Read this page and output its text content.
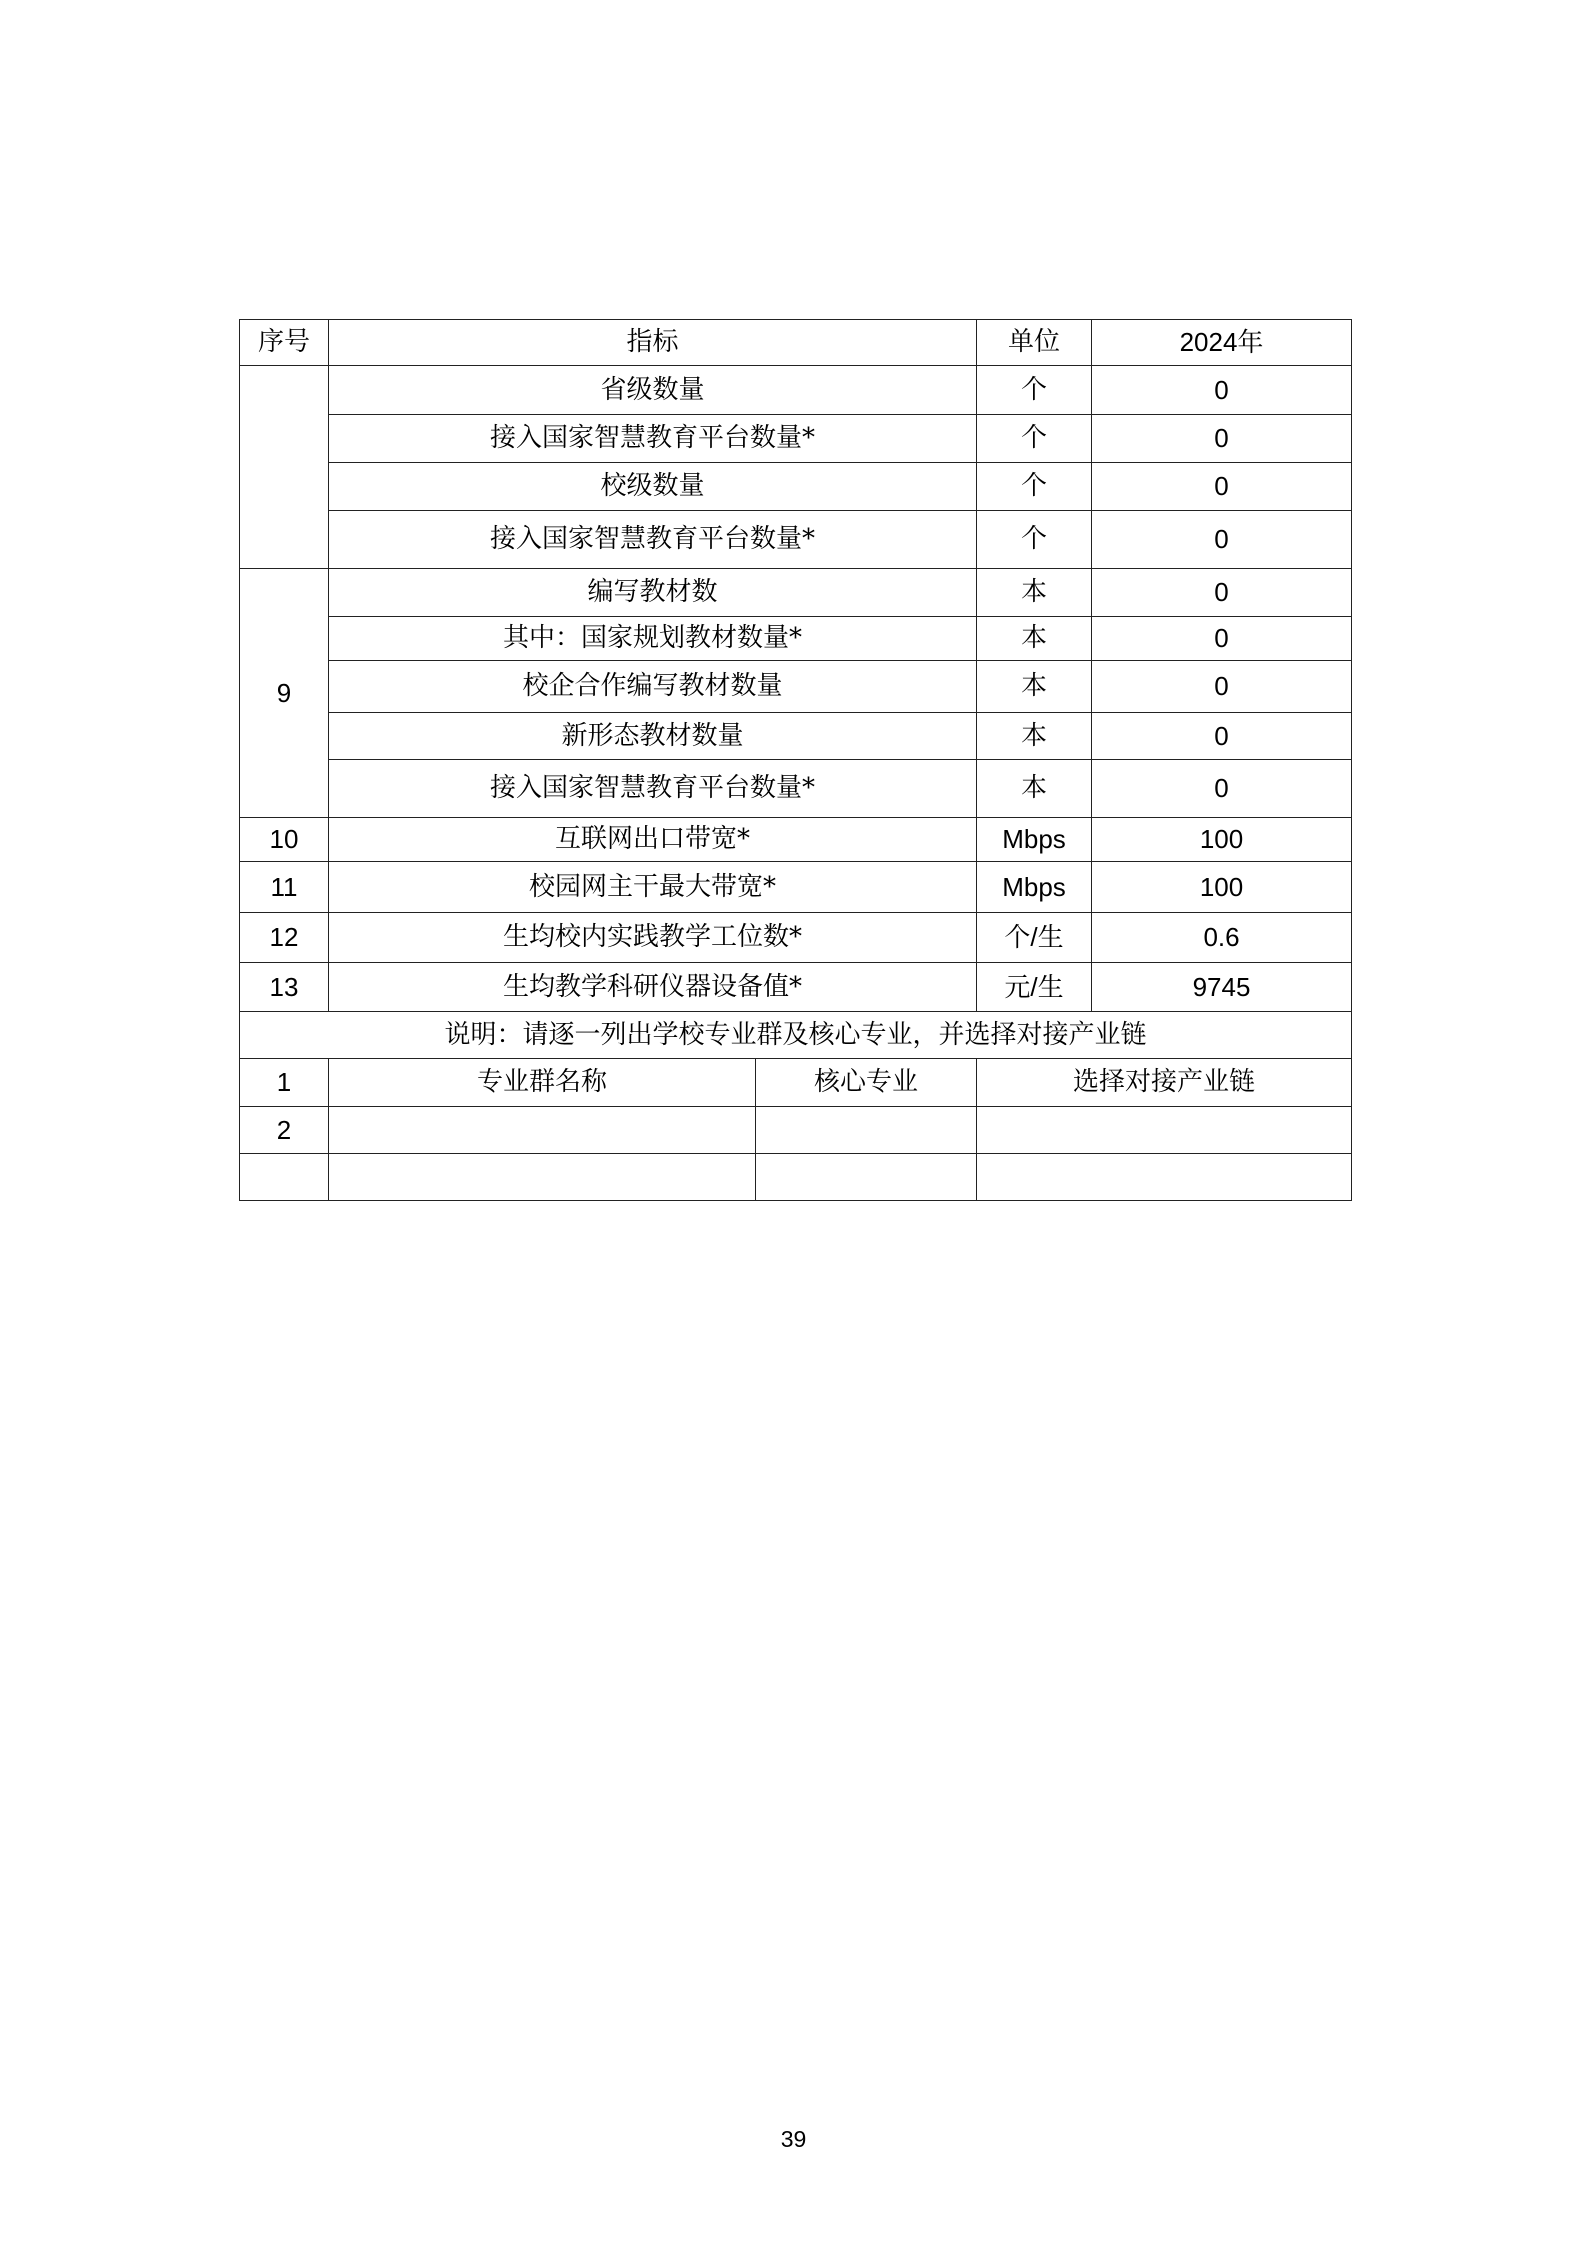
序号	指标		单位	2024年
	省级数量		个	0
	接入国家智慧教育平台数量*		个	0
	校级数量		个	0
	接入国家智慧教育平台数量*		个	0
9	编写教材数		本	0
	其中：国家规划教材数量*		本	0
	校企合作编写教材数量		本	0
	新形态教材数量		本	0
	接入国家智慧教育平台数量*		本	0
10	互联网出口带宽*		Mbps	100
11	校园网主干最大带宽*		Mbps	100
12	生均校内实践教学工位数*		个/生	0.6
13	生均教学科研仪器设备值*		元/生	9745
说明：请逐一列出学校专业群及核心专业，并选择对接产业链				
1	专业群名称	核心专业	选择对接产业链	
2				

39
